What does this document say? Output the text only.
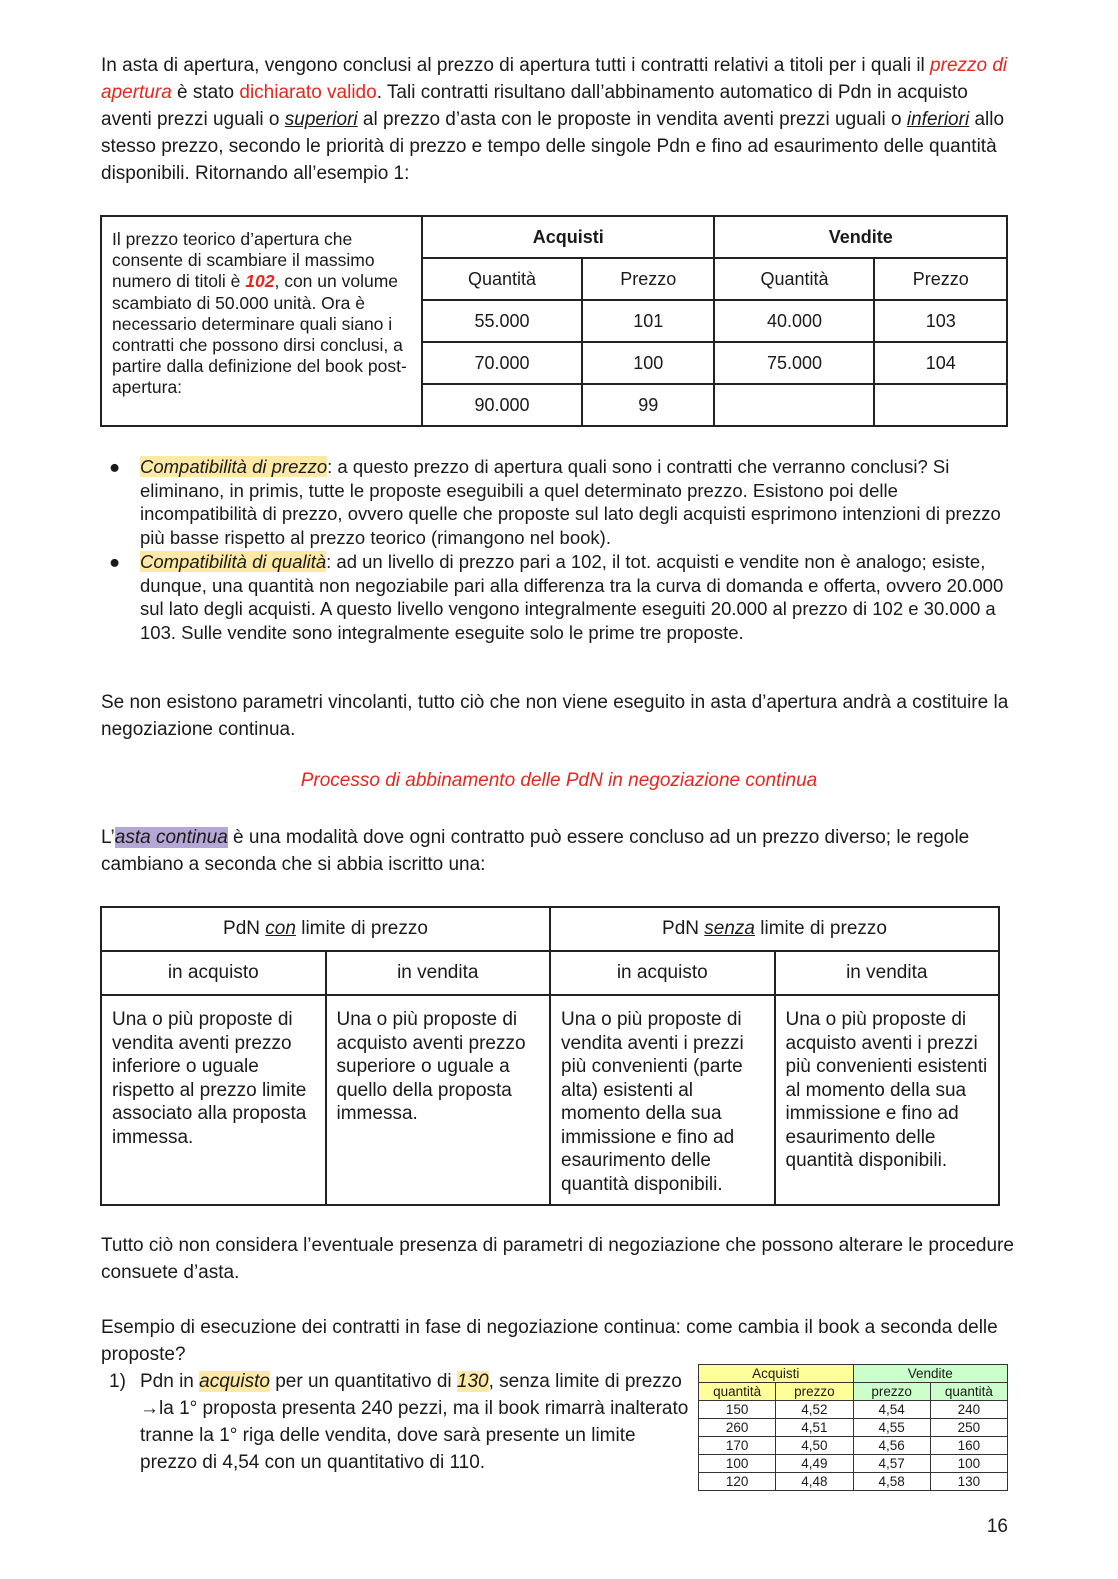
In asta di apertura, vengono conclusi al prezzo di apertura tutti i contratti relativi a titoli per i quali il prezzo di apertura è stato dichiarato valido. Tali contratti risultano dall’abbinamento automatico di Pdn in acquisto aventi prezzi uguali o superiori al prezzo d’asta con le proposte in vendita aventi prezzi uguali o inferiori allo stesso prezzo, secondo le priorità di prezzo e tempo delle singole Pdn e fino ad esaurimento delle quantità disponibili. Ritornando all’esempio 1:

Il prezzo teorico d’apertura che consente di scambiare il massimo numero di titoli è 102, con un volume scambiato di 50.000 unità. Ora è necessario determinare quali siano i contratti che possono dirsi conclusi, a partire dalla definizione del book post-apertura:	Acquisti		Vendite	
	Quantità	Prezzo	Quantità	Prezzo
	55.000	101	40.000	103
	70.000	100	75.000	104
	90.000	99		
● Compatibilità di prezzo: a questo prezzo di apertura quali sono i contratti che verranno conclusi? Si eliminano, in primis, tutte le proposte eseguibili a quel determinato prezzo. Esistono poi delle incompatibilità di prezzo, ovvero quelle che proposte sul lato degli acquisti esprimono intenzioni di prezzo più basse rispetto al prezzo teorico (rimangono nel book).
● Compatibilità di qualità: ad un livello di prezzo pari a 102, il tot. acquisti e vendite non è analogo; esiste, dunque, una quantità non negoziabile pari alla differenza tra la curva di domanda e offerta, ovvero 20.000 sul lato degli acquisti. A questo livello vengono integralmente eseguiti 20.000 al prezzo di 102 e 30.000 a 103. Sulle vendite sono integralmente eseguite solo le prime tre proposte.

Se non esistono parametri vincolanti, tutto ciò che non viene eseguito in asta d’apertura andrà a costituire la negoziazione continua.

Processo di abbinamento delle PdN in negoziazione continua

L’asta continua è una modalità dove ogni contratto può essere concluso ad un prezzo diverso; le regole cambiano a seconda che si abbia iscritto una:

PdN con limite di prezzo		PdN senza limite di prezzo	
in acquisto	in vendita	in acquisto	in vendita
Una o più proposte di vendita aventi prezzo inferiore o uguale rispetto al prezzo limite associato alla proposta immessa.	Una o più proposte di acquisto aventi prezzo superiore o uguale a quello della proposta immessa.	Una o più proposte di vendita aventi i prezzi più convenienti (parte alta) esistenti al momento della sua immissione e fino ad esaurimento delle quantità disponibili.	Una o più proposte di acquisto aventi i prezzi più convenienti esistenti al momento della sua immissione e fino ad esaurimento delle quantità disponibili.

Tutto ciò non considera l’eventuale presenza di parametri di negoziazione che possono alterare le procedure consuete d’asta.

Esempio di esecuzione dei contratti in fase di negoziazione continua: come cambia il book a seconda delle proposte?

1) Pdn in acquisto per un quantitativo di 130, senza limite di prezzo →la 1° proposta presenta 240 pezzi, ma il book rimarrà inalterato tranne la 1° riga delle vendita, dove sarà presente un limite prezzo di 4,54 con un quantitativo di 110.
Acquisti		Vendite	
quantità	prezzo	prezzo	quantità
150	4,52	4,54	240
260	4,51	4,55	250
170	4,50	4,56	160
100	4,49	4,57	100
120	4,48	4,58	130
16
